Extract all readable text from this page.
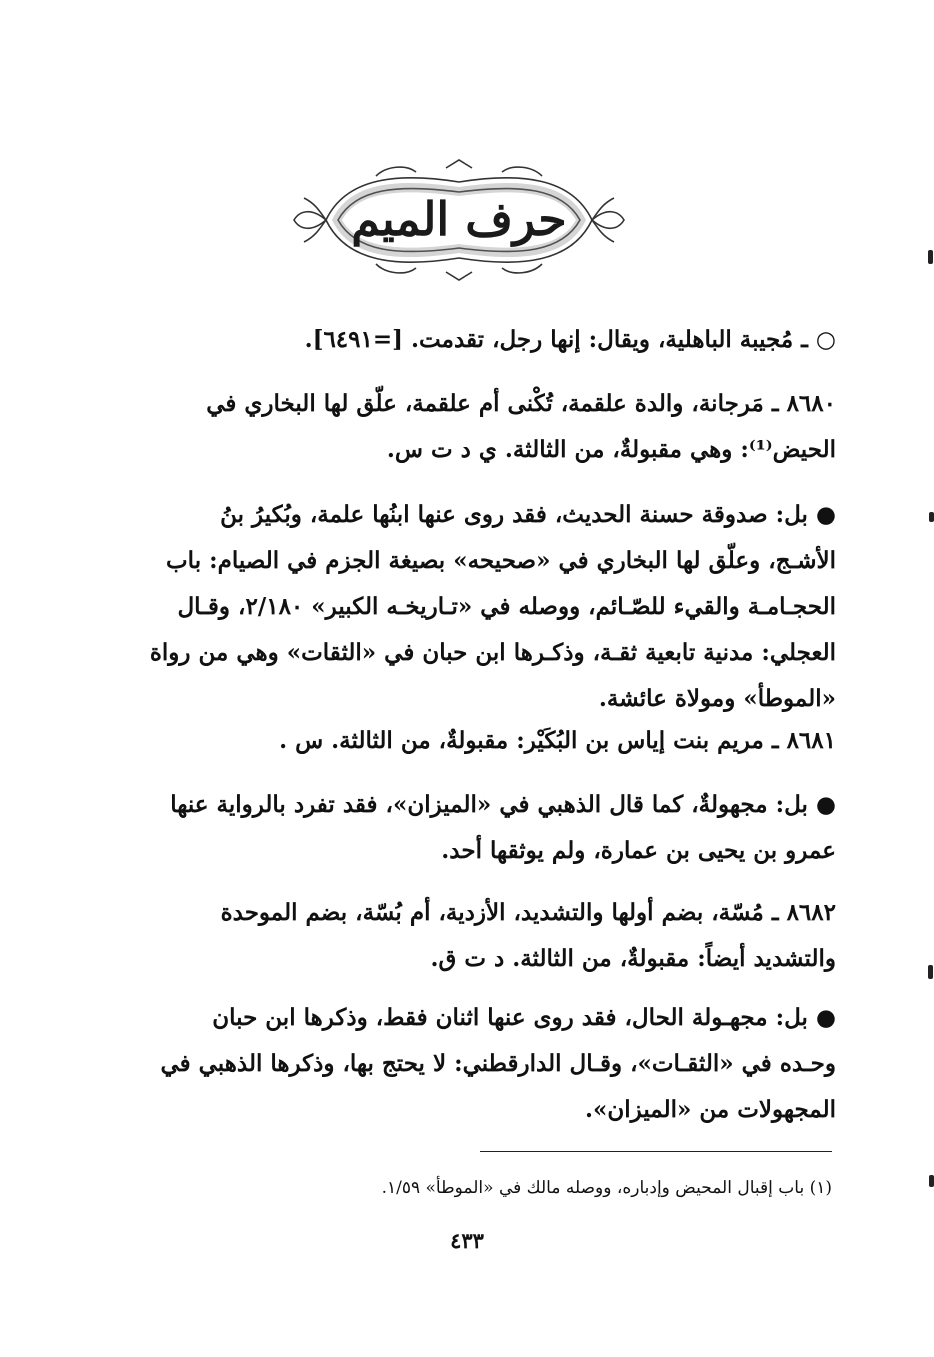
حرف الميم
○ ـ مُجيبة الباهلية، ويقال: إنها رجل، تقدمت. [=٦٤٩١].
٨٦٨٠ ـ مَرجانة، والدة علقمة، تُكْنى أم علقمة، علّق لها البخاري في
الحيض⁽¹⁾: وهي مقبولةٌ، من الثالثة. ي د ت س.
● بل: صدوقة حسنة الحديث، فقد روى عنها ابنُها علمة، وبُكيرُ بنُ
الأشـج، وعلّق لها البخاري في «صحيحه» بصيغة الجزم في الصيام: باب
الحجـامـة والقيء للصّـائم، ووصله في «تـاريخـه الكبير» ٢/١٨٠، وقـال
العجلي: مدنية تابعية ثقـة، وذكـرها ابن حبان في «الثقات» وهي من رواة
«الموطأ» ومولاة عائشة.
٨٦٨١ ـ مريم بنت إياس بن البُكَيْر: مقبولةٌ، من الثالثة. س .
● بل: مجهولةٌ، كما قال الذهبي في «الميزان»، فقد تفرد بالرواية عنها
عمرو بن يحيى بن عمارة، ولم يوثقها أحد.
٨٦٨٢ ـ مُسّة، بضم أولها والتشديد، الأزدية، أم بُسّة، بضم الموحدة
والتشديد أيضاً: مقبولةٌ، من الثالثة. د ت ق.
● بل: مجهـولة الحال، فقد روى عنها اثنان فقط، وذكرها ابن حبان
وحـده في «الثقـات»، وقـال الدارقطني: لا يحتج بها، وذكرها الذهبي في
المجهولات من «الميزان».
(١) باب إقبال المحيض وإدباره، ووصله مالك في «الموطأ» ١/٥٩.
٤٣٣
